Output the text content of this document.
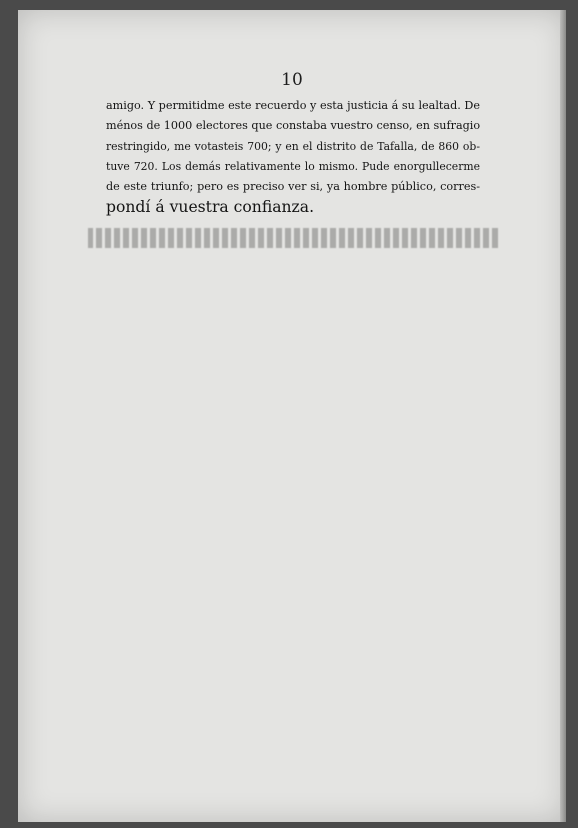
10
amigo. Y permitidme este recuerdo y esta justicia á su lealtad. De
ménos de 1000 electores que constaba vuestro censo, en sufragio
restringido, me votasteis 700; y en el distrito de Tafalla, de 860 ob-
tuve 720. Los demás relativamente lo mismo. Pude enorgullecerme
de este triunfo; pero es preciso ver si, ya hombre público, corres-
pondí á vuestra confianza.
